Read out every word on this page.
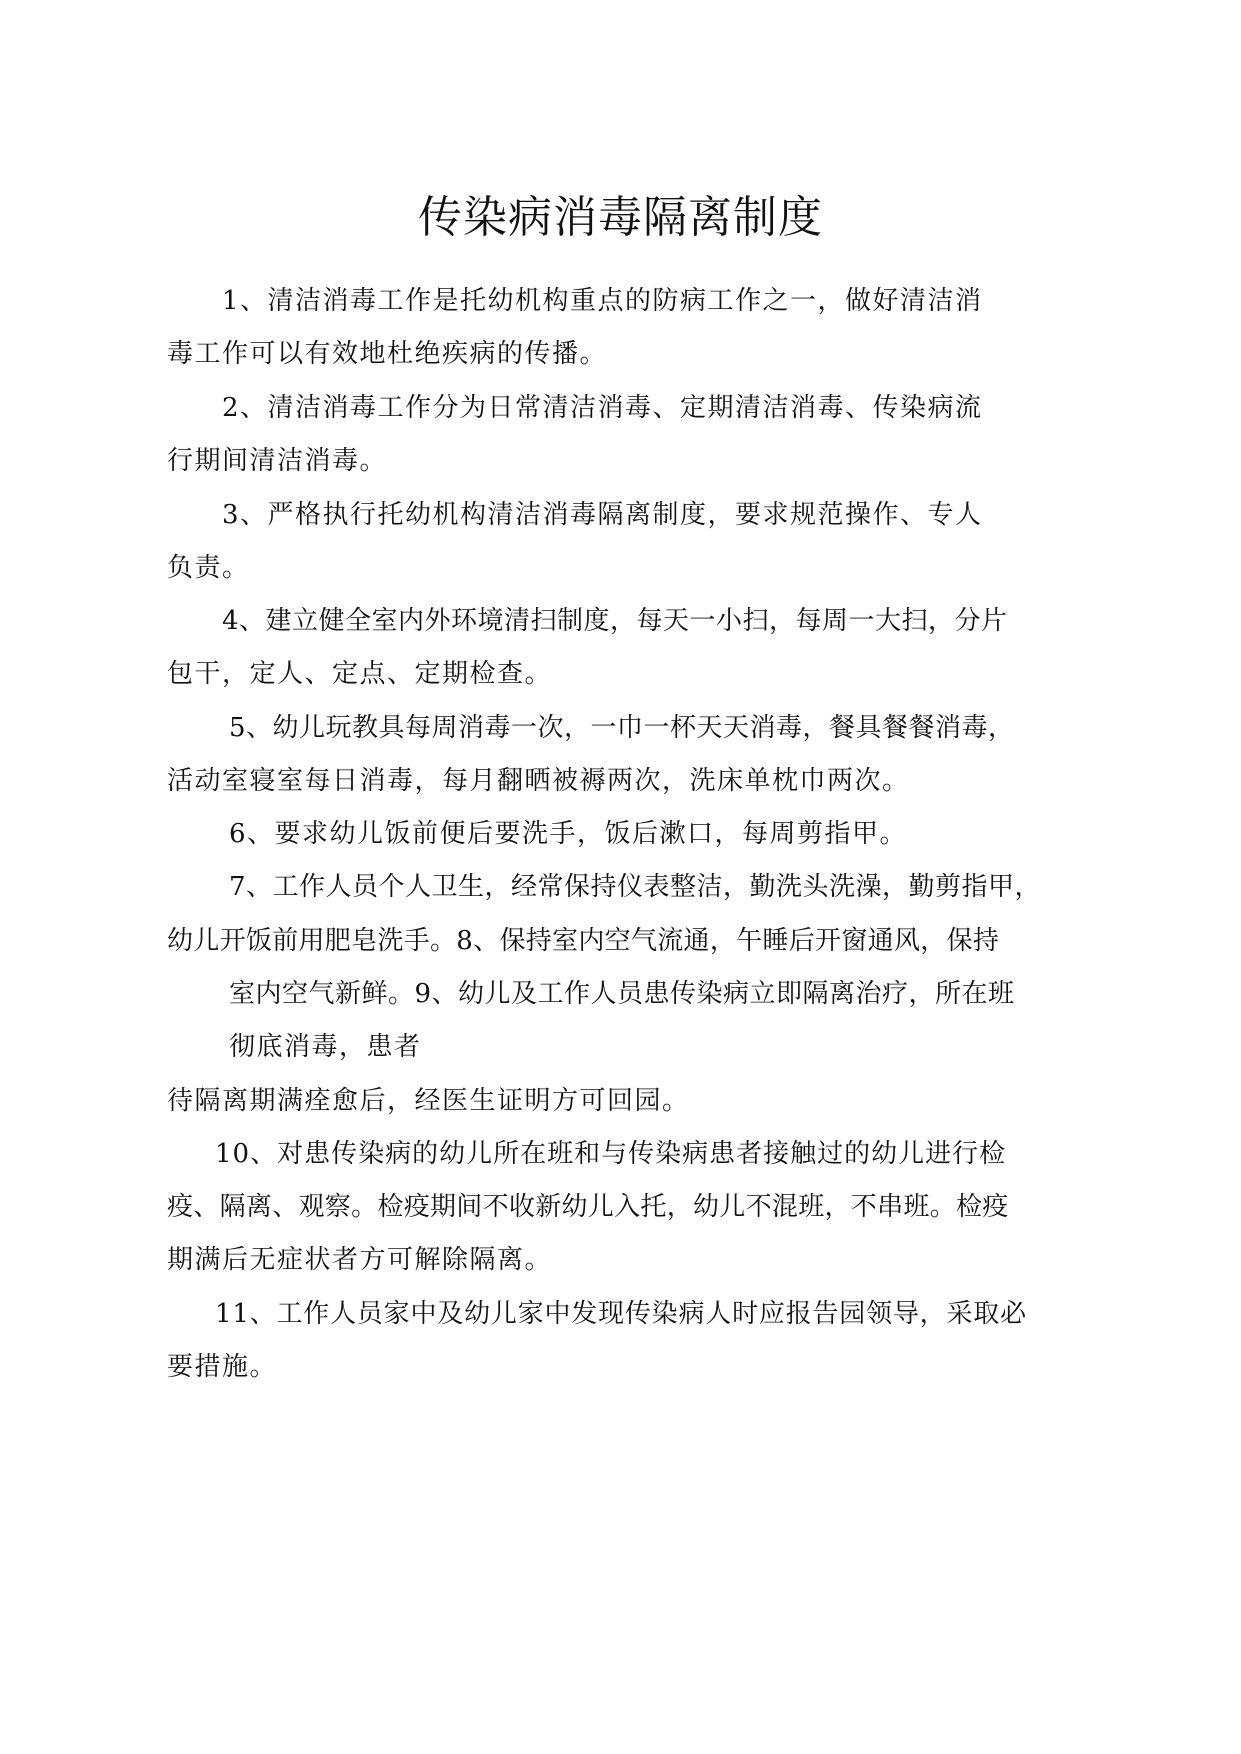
传染病消毒隔离制度

1、清洁消毒工作是托幼机构重点的防病工作之一，做好清洁消

毒工作可以有效地杜绝疾病的传播。

2、清洁消毒工作分为日常清洁消毒、定期清洁消毒、传染病流

行期间清洁消毒。

3、严格执行托幼机构清洁消毒隔离制度，要求规范操作、专人

负责。

4、建立健全室内外环境清扫制度，每天一小扫，每周一大扫，分片

包干，定人、定点、定期检查。

5、幼儿玩教具每周消毒一次，一巾一杯天天消毒，餐具餐餐消毒，

活动室寝室每日消毒，每月翻晒被褥两次，洗床单枕巾两次。

6、要求幼儿饭前便后要洗手，饭后漱口，每周剪指甲。

7、工作人员个人卫生，经常保持仪表整洁，勤洗头洗澡，勤剪指甲，

幼儿开饭前用肥皂洗手。8、保持室内空气流通，午睡后开窗通风，保持

室内空气新鲜。9、幼儿及工作人员患传染病立即隔离治疗，所在班

彻底消毒，患者

待隔离期满痊愈后，经医生证明方可回园。

10、对患传染病的幼儿所在班和与传染病患者接触过的幼儿进行检

疫、隔离、观察。检疫期间不收新幼儿入托，幼儿不混班，不串班。检疫

期满后无症状者方可解除隔离。

11、工作人员家中及幼儿家中发现传染病人时应报告园领导，采取必

要措施。
